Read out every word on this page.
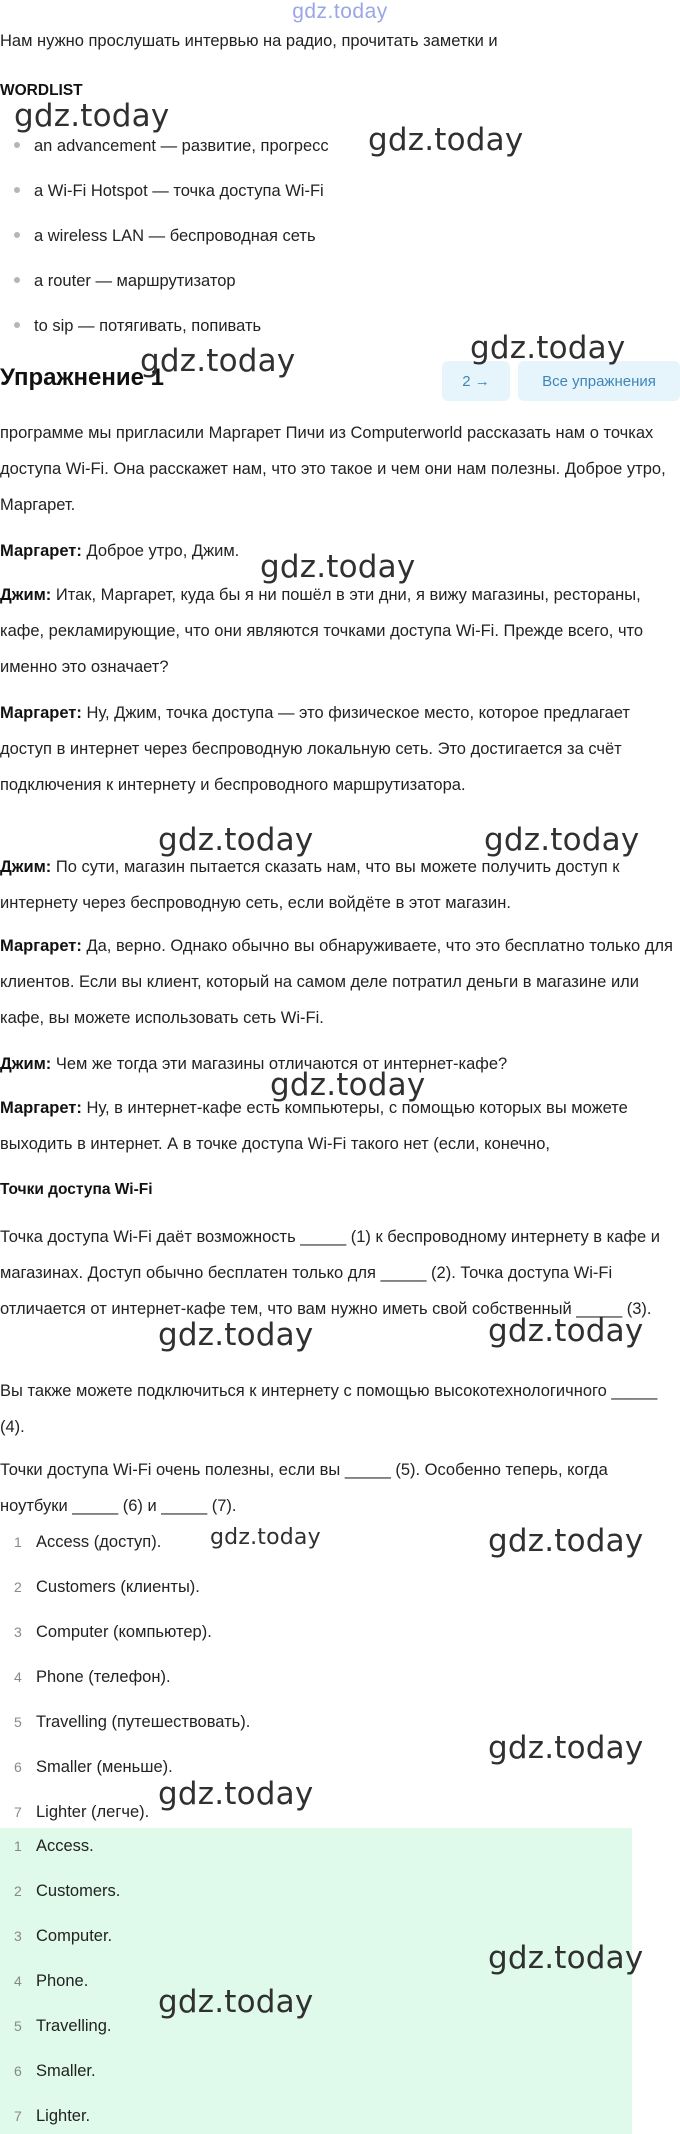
gdz.today
Нам нужно прослушать интервью на радио, прочитать заметки и
WORDLIST
an advancement — развитие, прогресс
a Wi-Fi Hotspot — точка доступа Wi-Fi
a wireless LAN — беспроводная сеть
a router — маршрутизатор
to sip — потягивать, попивать
Упражнение 1	2 →	Все упражнения
программе мы пригласили Маргарет Пичи из Computerworld рассказать нам о точках доступа Wi-Fi. Она расскажет нам, что это такое и чем они нам полезны. Доброе утро, Маргарет.
Маргарет: Доброе утро, Джим.
Джим: Итак, Маргарет, куда бы я ни пошёл в эти дни, я вижу магазины, рестораны, кафе, рекламирующие, что они являются точками доступа Wi-Fi. Прежде всего, что именно это означает?
Маргарет: Ну, Джим, точка доступа — это физическое место, которое предлагает доступ в интернет через беспроводную локальную сеть. Это достигается за счёт подключения к интернету и беспроводного маршрутизатора.
Джим: По сути, магазин пытается сказать нам, что вы можете получить доступ к интернету через беспроводную сеть, если войдёте в этот магазин.
Маргарет: Да, верно. Однако обычно вы обнаруживаете, что это бесплатно только для клиентов. Если вы клиент, который на самом деле потратил деньги в магазине или кафе, вы можете использовать сеть Wi-Fi.
Джим: Чем же тогда эти магазины отличаются от интернет-кафе?
Маргарет: Ну, в интернет-кафе есть компьютеры, с помощью которых вы можете выходить в интернет. А в точке доступа Wi-Fi такого нет (если, конечно,
Точки доступа Wi-Fi
Точка доступа Wi-Fi даёт возможность _____ (1) к беспроводному интернету в кафе и магазинах. Доступ обычно бесплатен только для _____ (2). Точка доступа Wi-Fi отличается от интернет-кафе тем, что вам нужно иметь свой собственный _____ (3).
Вы также можете подключиться к интернету с помощью высокотехнологичного _____ (4).
Точки доступа Wi-Fi очень полезны, если вы _____ (5). Особенно теперь, когда ноутбуки _____ (6) и _____ (7).
1 Access (доступ).
2 Customers (клиенты).
3 Computer (компьютер).
4 Phone (телефон).
5 Travelling (путешествовать).
6 Smaller (меньше).
7 Lighter (легче).
1 Access.
2 Customers.
3 Computer.
4 Phone.
5 Travelling.
6 Smaller.
7 Lighter.
gdz.today
gdz.today
gdz.today
gdz.today
gdz.today
gdz.today	gdz.today
gdz.today
gdz.today	gdz.today
gdz.today	gdz.today
gdz.today
gdz.today
gdz.today
gdz.today
